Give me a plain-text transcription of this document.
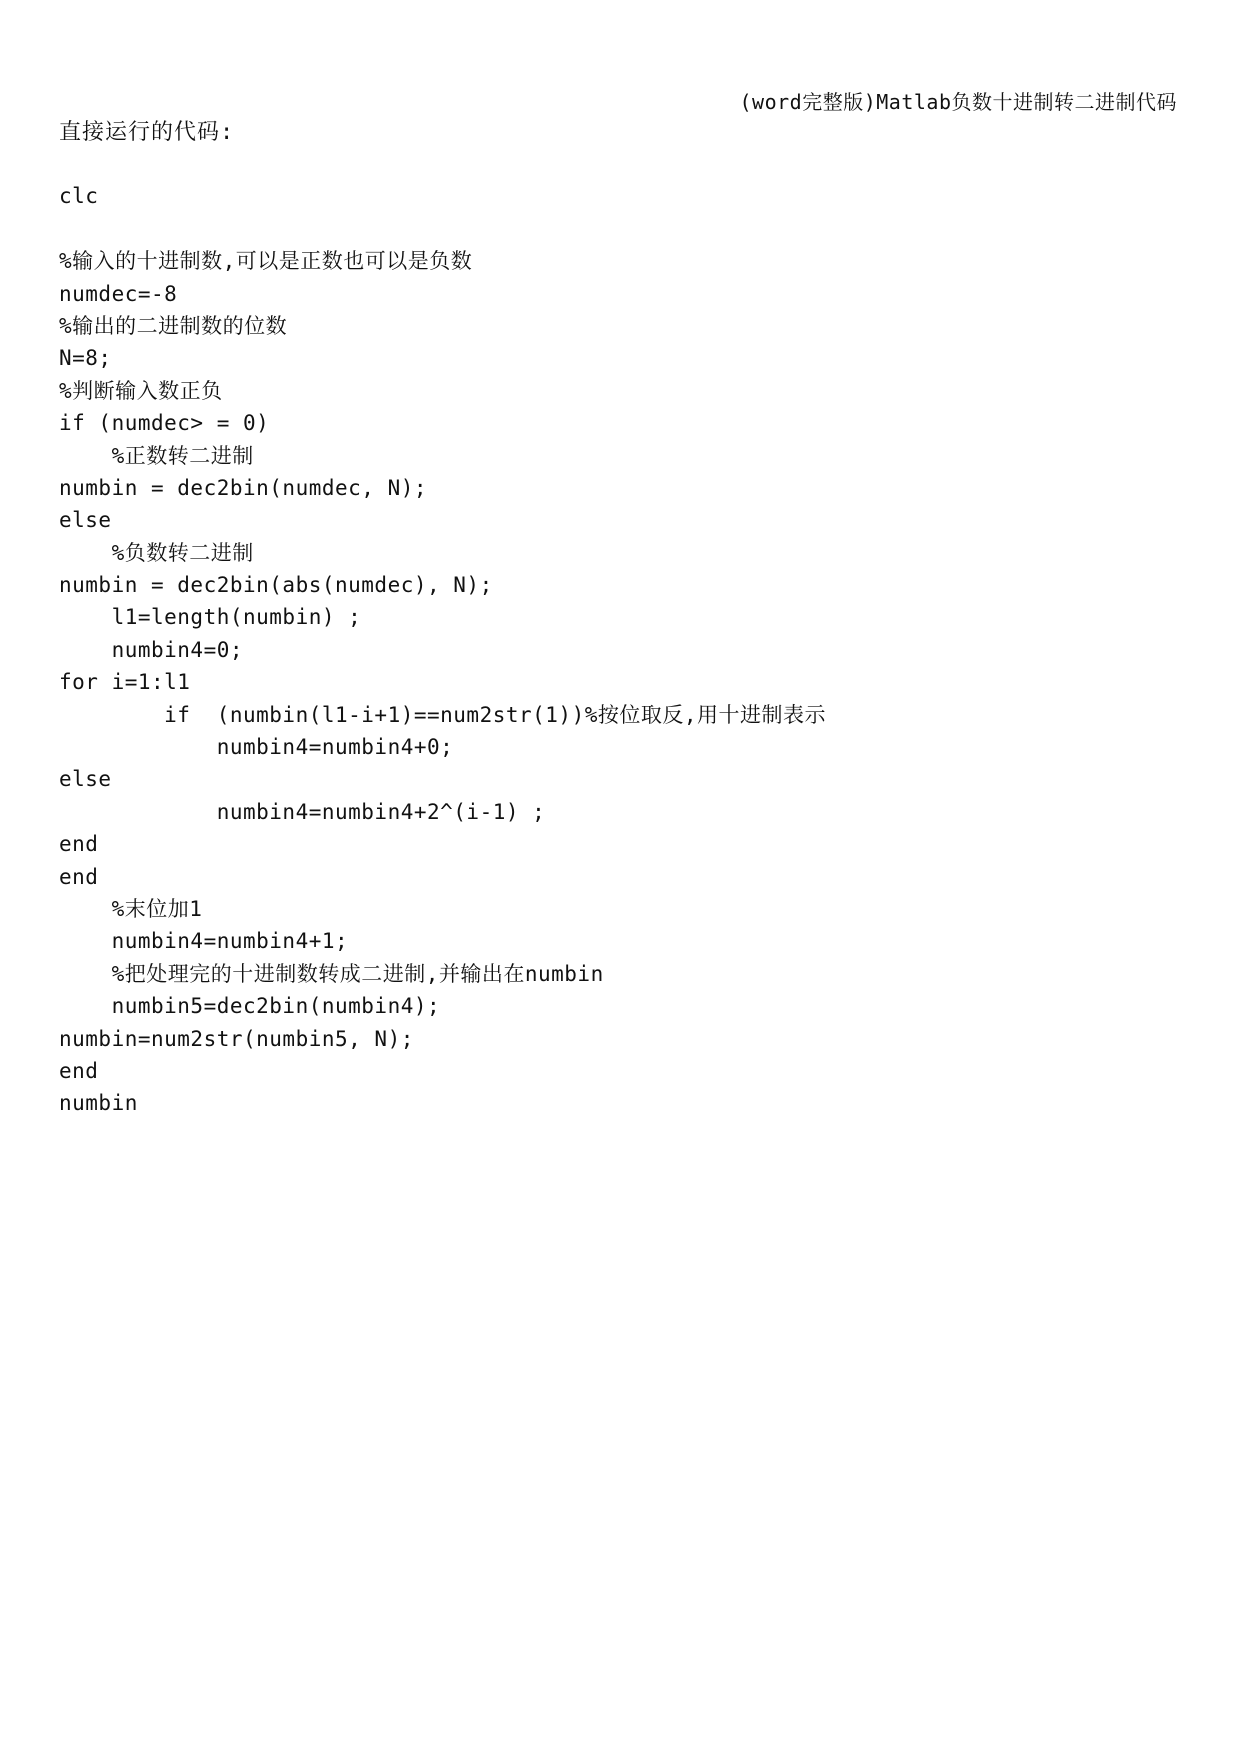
(word完整版)Matlab负数十进制转二进制代码
直接运行的代码:
clc
%输入的十进制数,可以是正数也可以是负数
numdec=-8
%输出的二进制数的位数
N=8;
%判断输入数正负
if (numdec> = 0)
%正数转二进制
numbin = dec2bin(numdec, N);
else
%负数转二进制
numbin = dec2bin(abs(numdec), N);
l1=length(numbin) ;
numbin4=0;
for i=1:l1
if  (numbin(l1-i+1)==num2str(1))%按位取反,用十进制表示
numbin4=numbin4+0;
else
numbin4=numbin4+2^(i-1) ;
end
end
%末位加1
numbin4=numbin4+1;
%把处理完的十进制数转成二进制,并输出在numbin
numbin5=dec2bin(numbin4);
numbin=num2str(numbin5, N);
end
numbin
